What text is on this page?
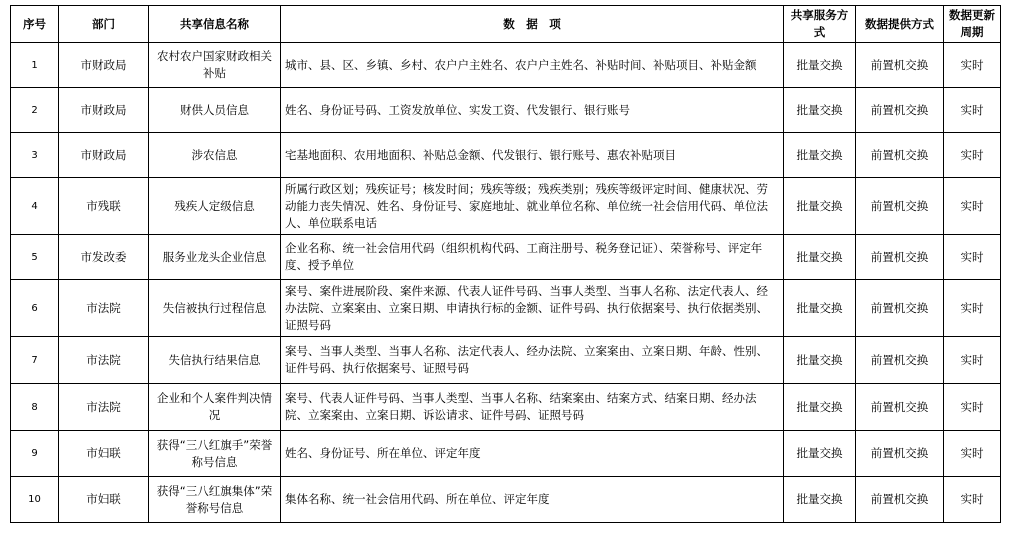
序号	部门	共享信息名称	数　据　项	共享服务方式	数据提供方式	数据更新周期
1	市财政局	农村农户国家财政相关补贴	城市、县、区、乡镇、乡村、农户户主姓名、农户户主姓名、补贴时间、补贴项目、补贴金额	批量交换	前置机交换	实时
2	市财政局	财供人员信息	姓名、身份证号码、工资发放单位、实发工资、代发银行、银行账号	批量交换	前置机交换	实时
3	市财政局	涉农信息	宅基地面积、农用地面积、补贴总金额、代发银行、银行账号、惠农补贴项目	批量交换	前置机交换	实时
4	市残联	残疾人定级信息	所属行政区划；残疾证号；核发时间；残疾等级；残疾类别；残疾等级评定时间、健康状况、劳动能力丧失情况、姓名、身份证号、家庭地址、就业单位名称、单位统一社会信用代码、单位法人、单位联系电话	批量交换	前置机交换	实时
5	市发改委	服务业龙头企业信息	企业名称、统一社会信用代码（组织机构代码、工商注册号、税务登记证）、荣誉称号、评定年度、授予单位	批量交换	前置机交换	实时
6	市法院	失信被执行过程信息	案号、案件进展阶段、案件来源、代表人证件号码、当事人类型、当事人名称、法定代表人、经办法院、立案案由、立案日期、申请执行标的金额、证件号码、执行依据案号、执行依据类别、证照号码	批量交换	前置机交换	实时
7	市法院	失信执行结果信息	案号、当事人类型、当事人名称、法定代表人、经办法院、立案案由、立案日期、年龄、性别、证件号码、执行依据案号、证照号码	批量交换	前置机交换	实时
8	市法院	企业和个人案件判决情况	案号、代表人证件号码、当事人类型、当事人名称、结案案由、结案方式、结案日期、经办法院、立案案由、立案日期、诉讼请求、证件号码、证照号码	批量交换	前置机交换	实时
9	市妇联	获得“三八红旗手”荣誉称号信息	姓名、身份证号、所在单位、评定年度	批量交换	前置机交换	实时
10	市妇联	获得“三八红旗集体”荣誉称号信息	集体名称、统一社会信用代码、所在单位、评定年度	批量交换	前置机交换	实时
